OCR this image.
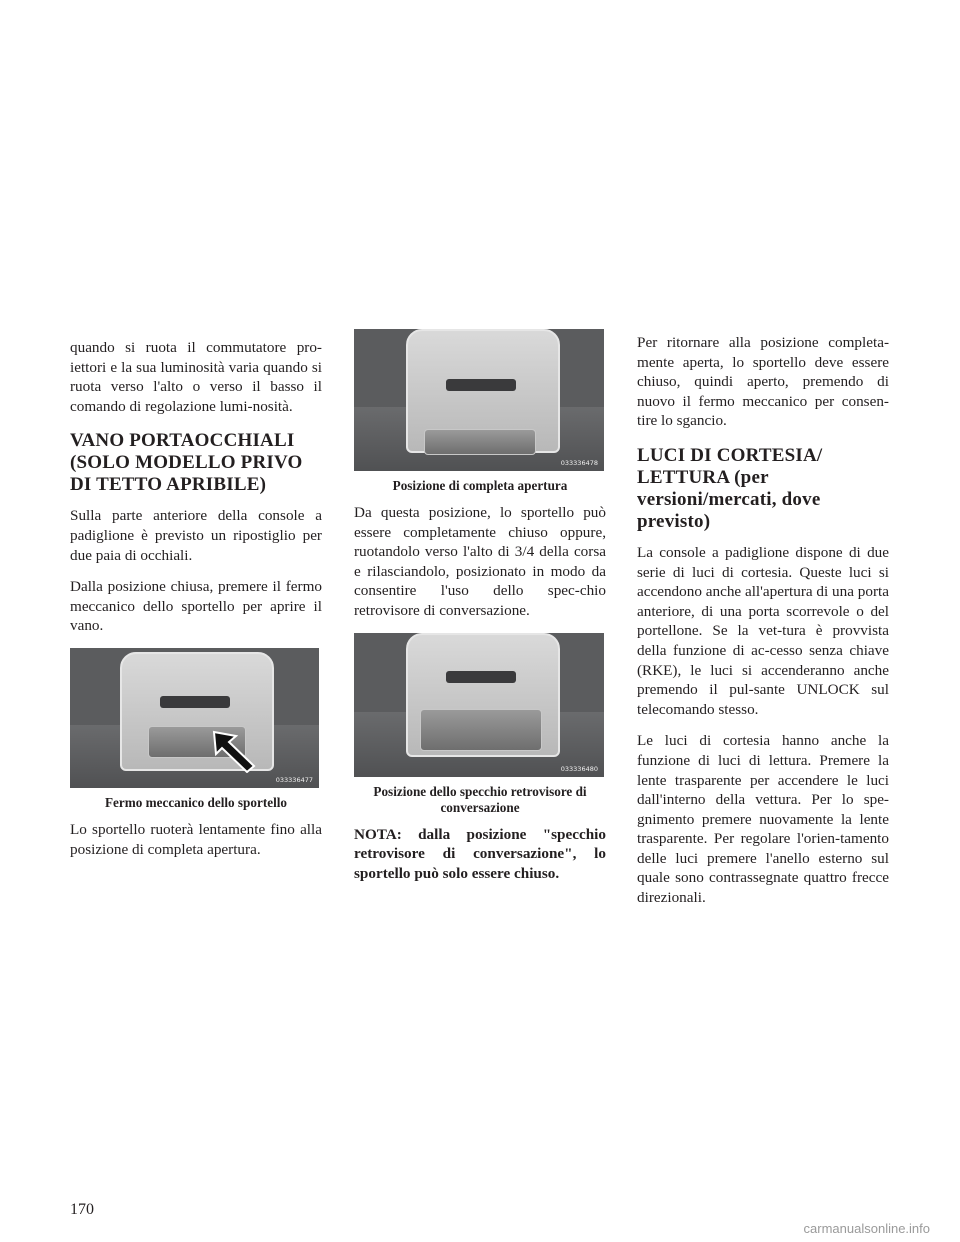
quando si ruota il commutatore pro-iettori e la sua luminosità varia quando si ruota verso l'alto o verso il basso il comando di regolazione lumi-nosità.

VANO PORTAOCCHIALI (SOLO MODELLO PRIVO DI TETTO APRIBILE)

Sulla parte anteriore della console a padiglione è previsto un ripostiglio per due paia di occhiali.

Dalla posizione chiusa, premere il fermo meccanico dello sportello per aprire il vano.

033336477
Fermo meccanico dello sportello

Lo sportello ruoterà lentamente fino alla posizione di completa apertura.

033336478
Posizione di completa apertura

Da questa posizione, lo sportello può essere completamente chiuso oppure, ruotandolo verso l'alto di 3/4 della corsa e rilasciandolo, posizionato in modo da consentire l'uso dello spec-chio retrovisore di conversazione.

033336480
Posizione dello specchio retrovisore di conversazione

NOTA: dalla posizione "specchio retrovisore di conversazione", lo sportello può solo essere chiuso.

Per ritornare alla posizione completa-mente aperta, lo sportello deve essere chiuso, quindi aperto, premendo di nuovo il fermo meccanico per consen-tire lo sgancio.

LUCI DI CORTESIA/ LETTURA (per versioni/mercati, dove previsto)

La console a padiglione dispone di due serie di luci di cortesia. Queste luci si accendono anche all'apertura di una porta anteriore, di una porta scorrevole o del portellone. Se la vet-tura è provvista della funzione di ac-cesso senza chiave (RKE), le luci si accenderanno anche premendo il pul-sante UNLOCK sul telecomando stesso.

Le luci di cortesia hanno anche la funzione di luci di lettura. Premere la lente trasparente per accendere le luci dall'interno della vettura. Per lo spe-gnimento premere nuovamente la lente trasparente. Per regolare l'orien-tamento delle luci premere l'anello esterno sul quale sono contrassegnate quattro frecce direzionali.

170
carmanualsonline.info
